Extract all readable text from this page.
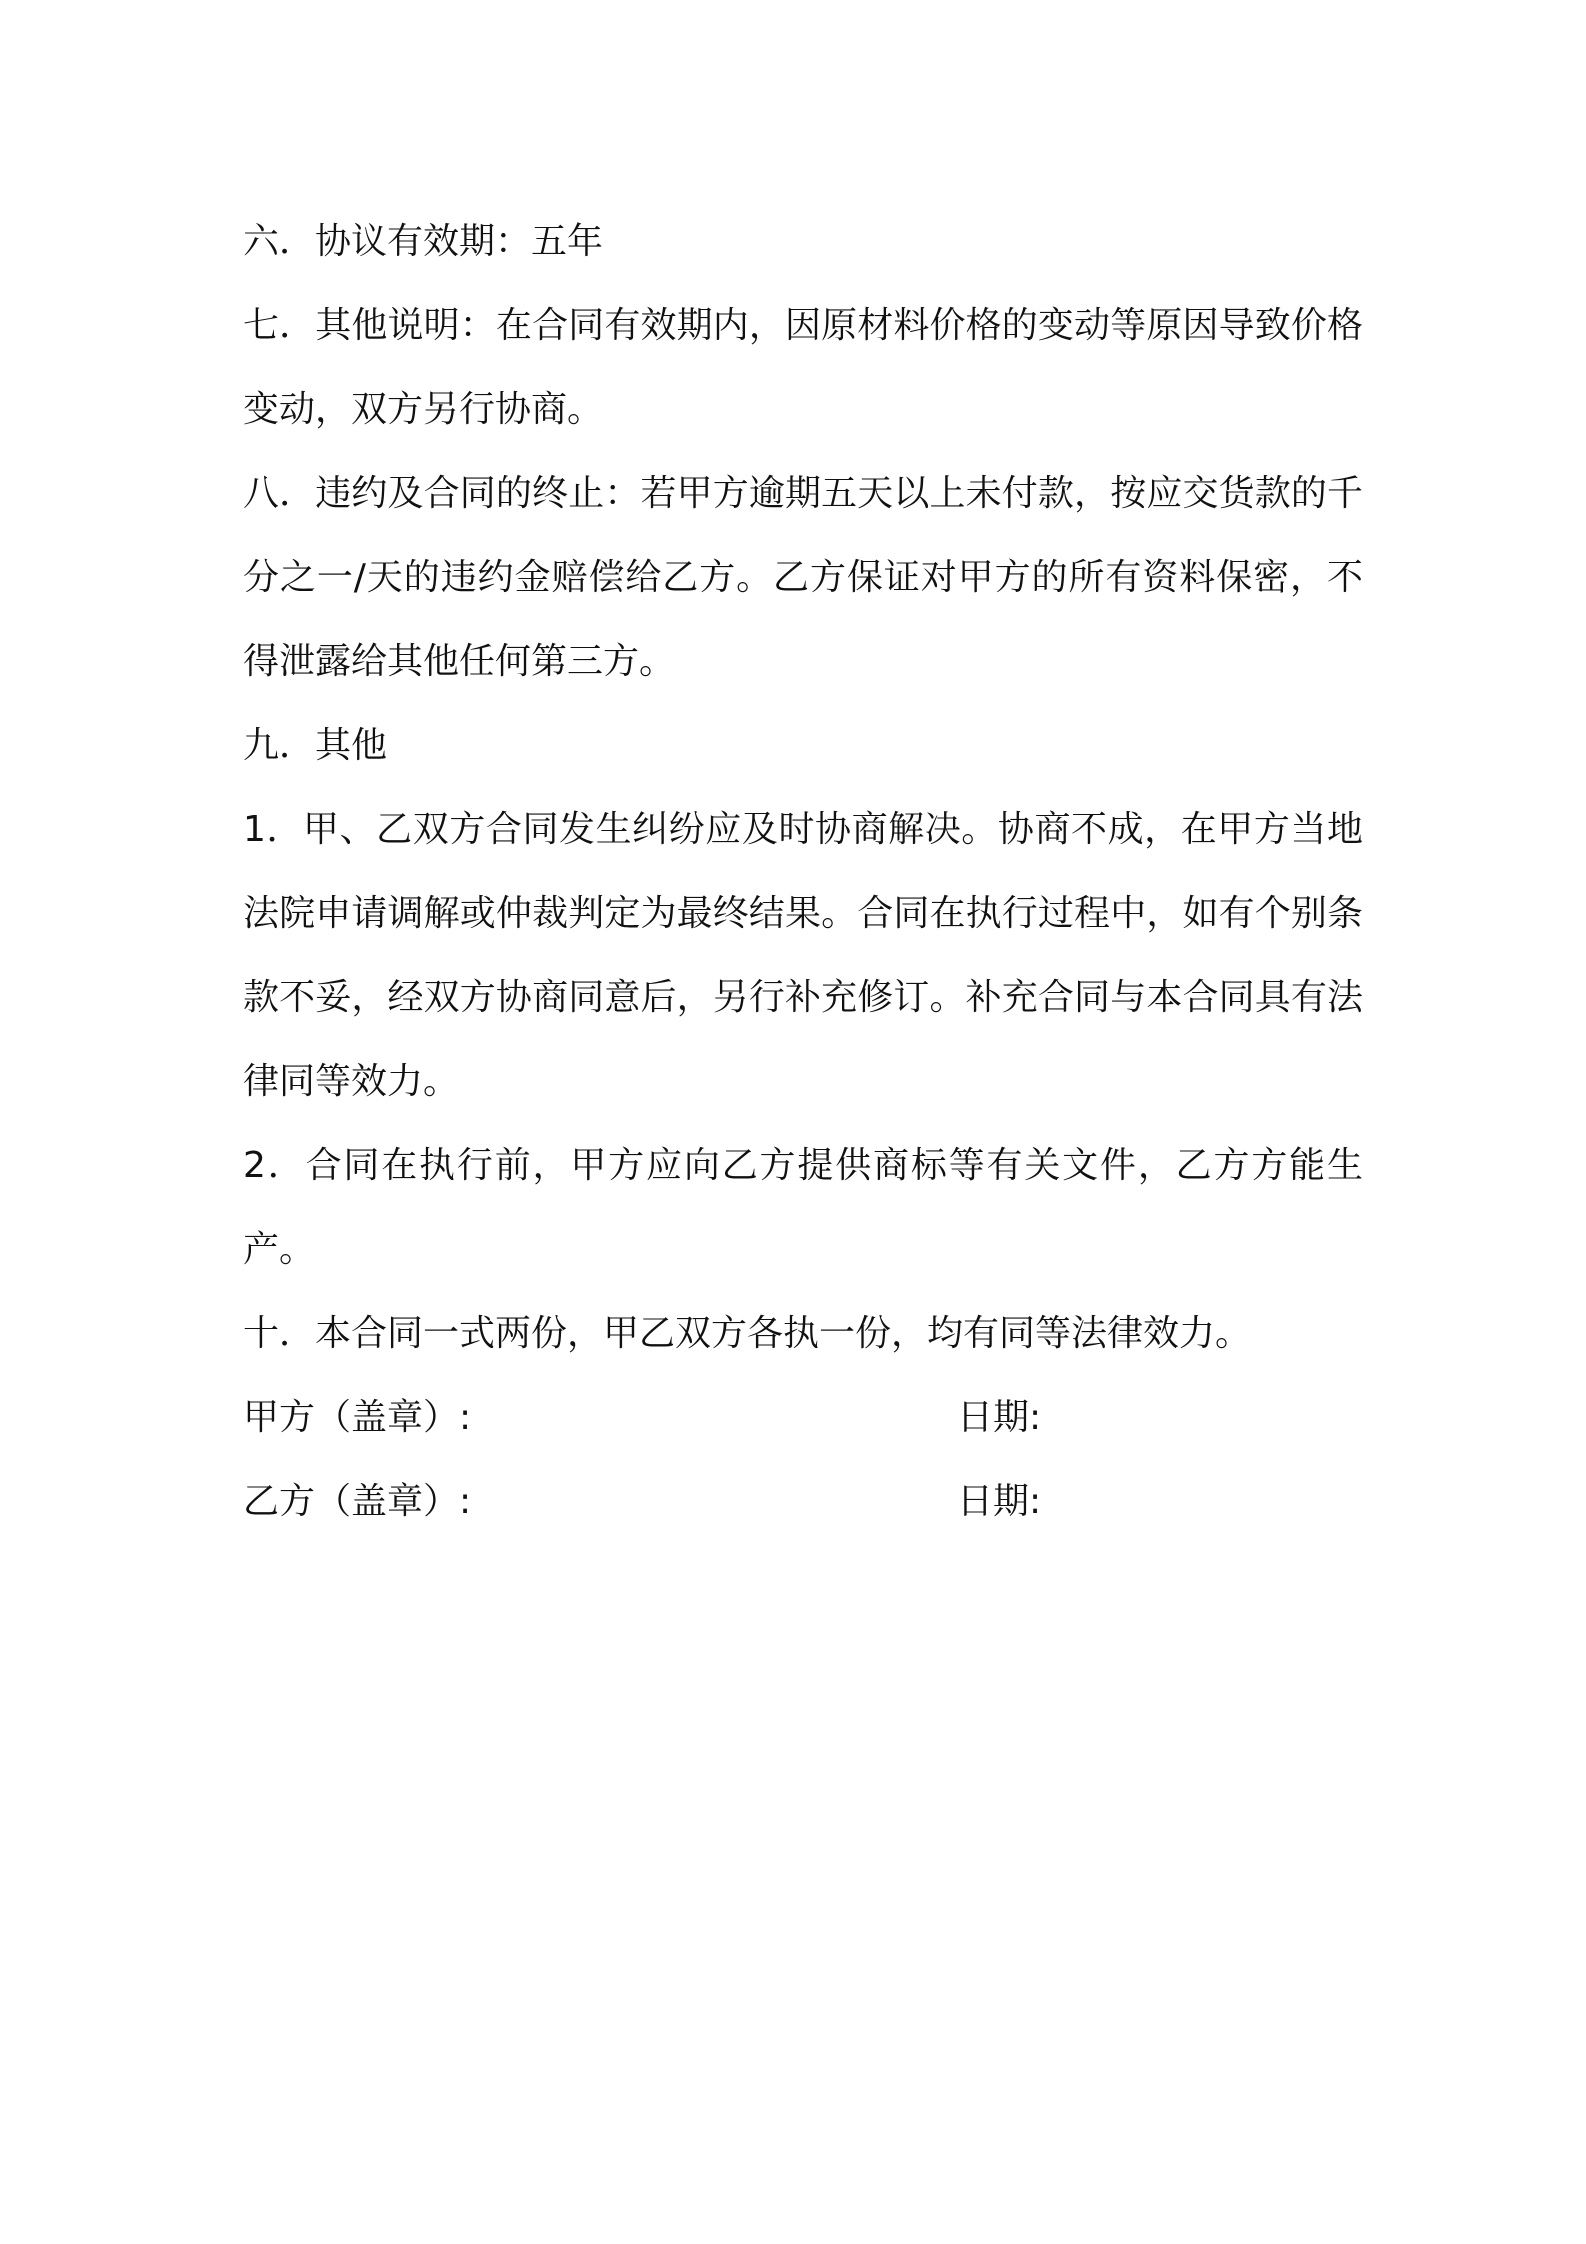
六．协议有效期：五年

七．其他说明：在合同有效期内，因原材料价格的变动等原因导致价格变动，双方另行协商。

八．违约及合同的终止：若甲方逾期五天以上未付款，按应交货款的千分之一/天的违约金赔偿给乙方。乙方保证对甲方的所有资料保密，不得泄露给其他任何第三方。

九．其他

1．甲、乙双方合同发生纠纷应及时协商解决。协商不成，在甲方当地法院申请调解或仲裁判定为最终结果。合同在执行过程中，如有个别条款不妥，经双方协商同意后，另行补充修订。补充合同与本合同具有法律同等效力。

2．合同在执行前，甲方应向乙方提供商标等有关文件，乙方方能生产。

十．本合同一式两份，甲乙双方各执一份，均有同等法律效力。

甲方（盖章）:	日期:
乙方（盖章）:	日期:
